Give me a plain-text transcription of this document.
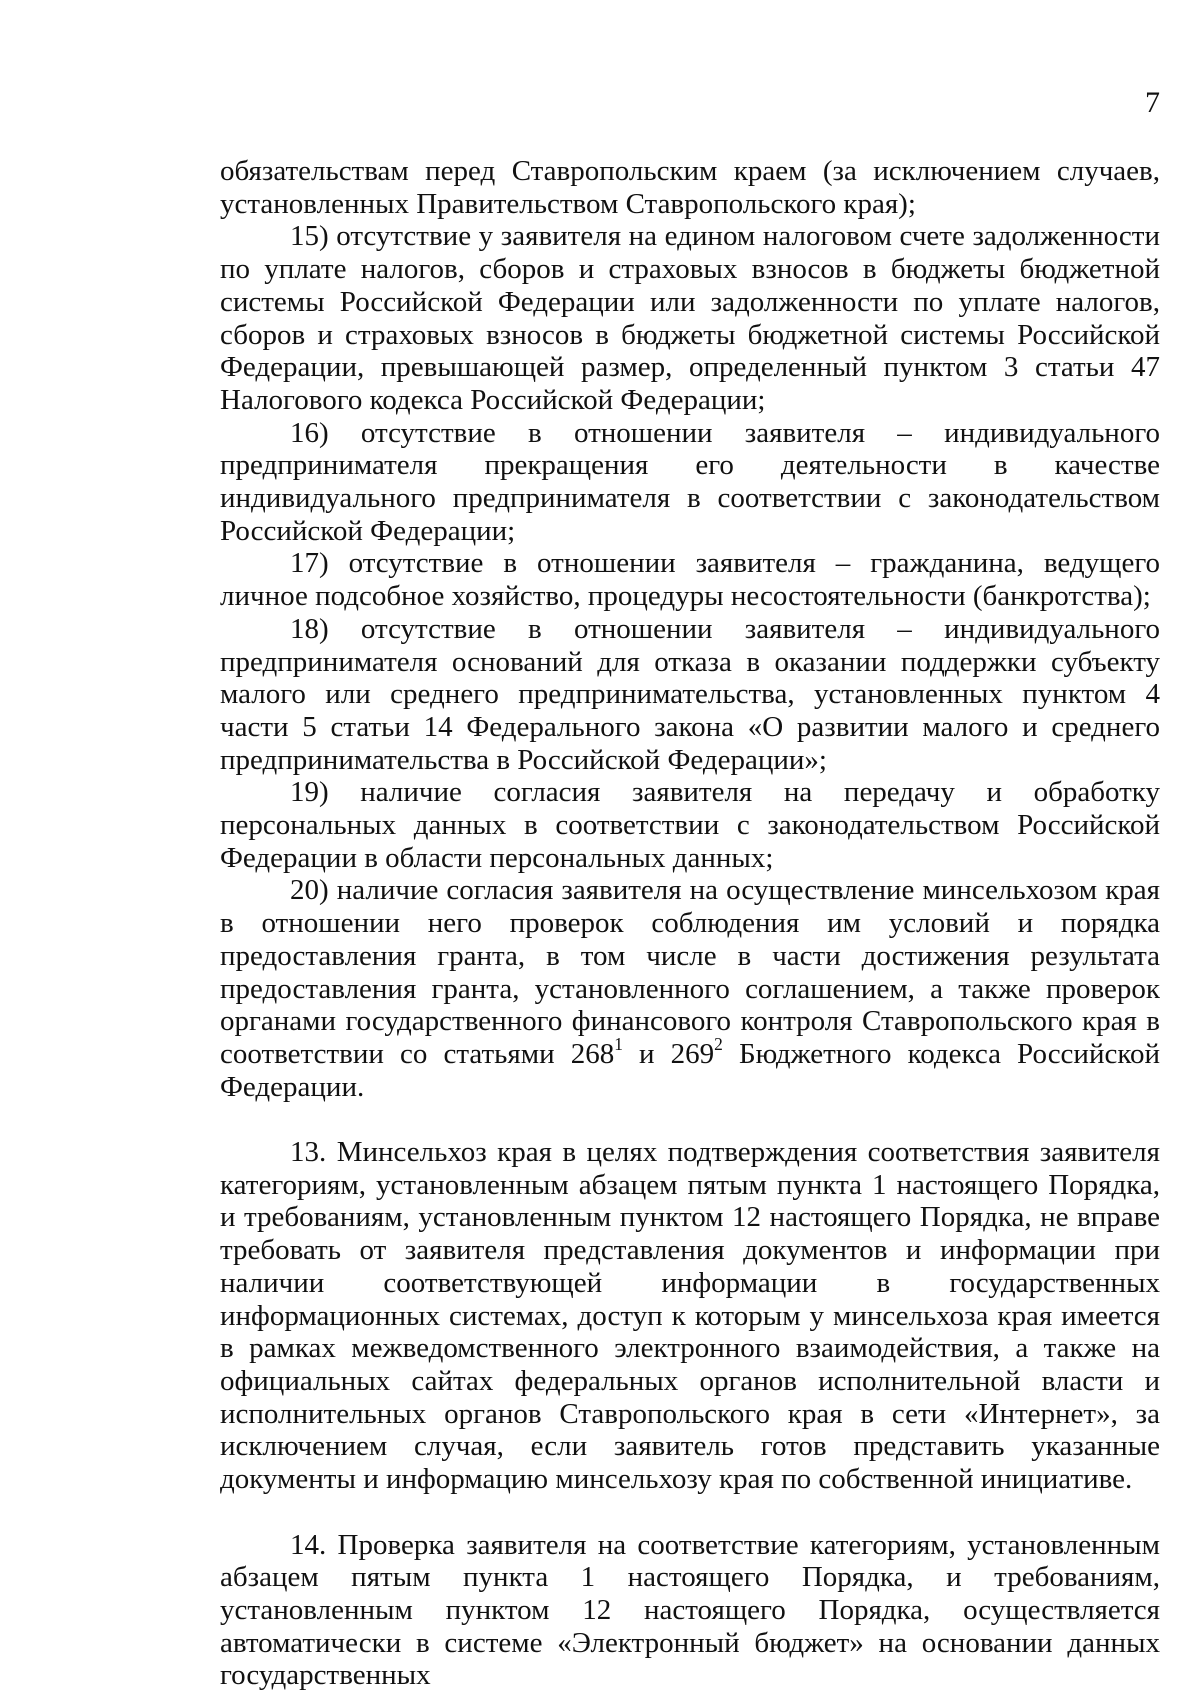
7

обязательствам перед Ставропольским краем (за исключением случаев, установленных Правительством Ставропольского края);

15) отсутствие у заявителя на едином налоговом счете задолженности по уплате налогов, сборов и страховых взносов в бюджеты бюджетной системы Российской Федерации или задолженности по уплате налогов, сборов и страховых взносов в бюджеты бюджетной системы Российской Федерации, превышающей размер, определенный пунктом 3 статьи 47 Налогового кодекса Российской Федерации;

16) отсутствие в отношении заявителя – индивидуального предпринимателя прекращения его деятельности в качестве индивидуального предпринимателя в соответствии с законодательством Российской Федерации;

17) отсутствие в отношении заявителя – гражданина, ведущего личное подсобное хозяйство, процедуры несостоятельности (банкротства);

18) отсутствие в отношении заявителя – индивидуального предпринимателя оснований для отказа в оказании поддержки субъекту малого или среднего предпринимательства, установленных пунктом 4 части 5 статьи 14 Федерального закона «О развитии малого и среднего предпринимательства в Российской Федерации»;

19) наличие согласия заявителя на передачу и обработку персональных данных в соответствии с законодательством Российской Федерации в области персональных данных;

20) наличие согласия заявителя на осуществление минсельхозом края в отношении него проверок соблюдения им условий и порядка предоставления гранта, в том числе в части достижения результата предоставления гранта, установленного соглашением, а также проверок органами государственного финансового контроля Ставропольского края в соответствии со статьями $268^1$ и $269^2$ Бюджетного кодекса Российской Федерации.

13. Минсельхоз края в целях подтверждения соответствия заявителя категориям, установленным абзацем пятым пункта 1 настоящего Порядка, и требованиям, установленным пунктом 12 настоящего Порядка, не вправе требовать от заявителя представления документов и информации при наличии соответствующей информации в государственных информационных системах, доступ к которым у минсельхоза края имеется в рамках межведомственного электронного взаимодействия, а также на официальных сайтах федеральных органов исполнительной власти и исполнительных органов Ставропольского края в сети «Интернет», за исключением случая, если заявитель готов представить указанные документы и информацию минсельхозу края по собственной инициативе.

14. Проверка заявителя на соответствие категориям, установленным абзацем пятым пункта 1 настоящего Порядка, и требованиям, установленным пунктом 12 настоящего Порядка, осуществляется автоматически в системе «Электронный бюджет» на основании данных государственных
